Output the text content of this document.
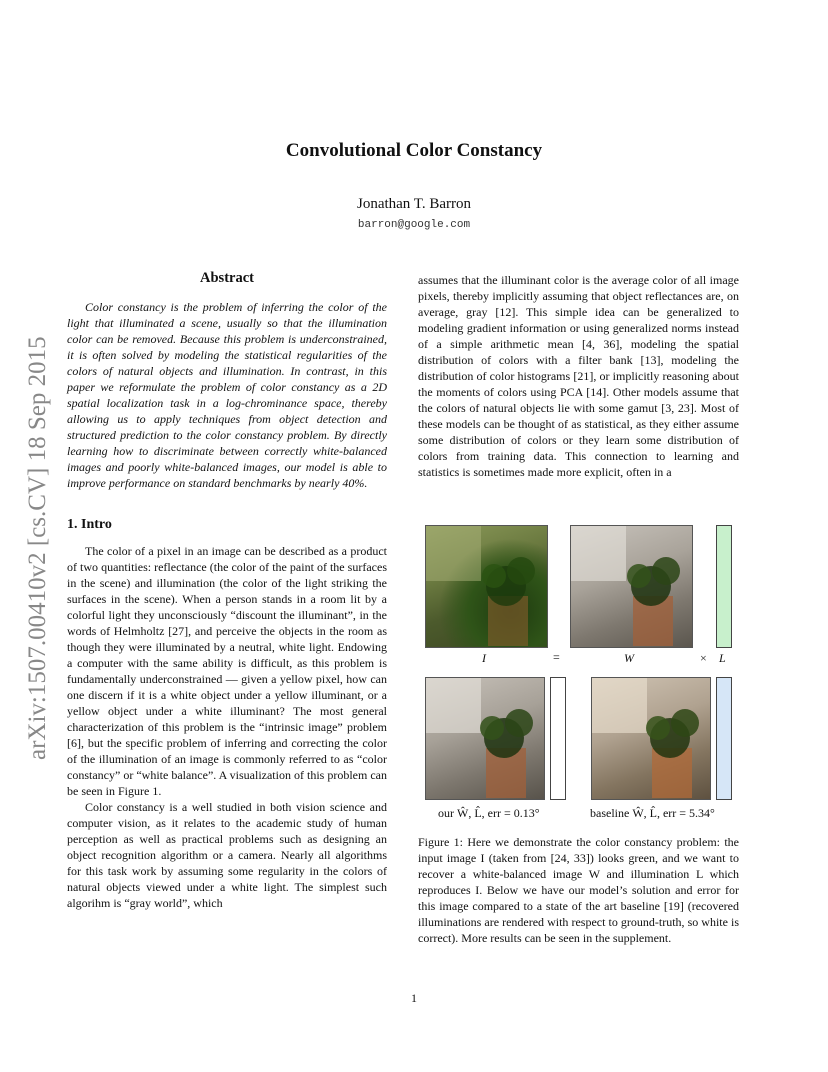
arXiv:1507.00410v2 [cs.CV] 18 Sep 2015
Convolutional Color Constancy
Jonathan T. Barron
barron@google.com
Abstract

Color constancy is the problem of inferring the color of the light that illuminated a scene, usually so that the illumination color can be removed. Because this problem is underconstrained, it is often solved by modeling the statistical regularities of the colors of natural objects and illumination. In contrast, in this paper we reformulate the problem of color constancy as a 2D spatial localization task in a log-chrominance space, thereby allowing us to apply techniques from object detection and structured prediction to the color constancy problem. By directly learning how to discriminate between correctly white-balanced images and poorly white-balanced images, our model is able to improve performance on standard benchmarks by nearly 40%.

1. Intro

The color of a pixel in an image can be described as a product of two quantities: reflectance (the color of the paint of the surfaces in the scene) and illumination (the color of the light striking the surfaces in the scene). When a person stands in a room lit by a colorful light they unconsciously “discount the illuminant”, in the words of Helmholtz [27], and perceive the objects in the room as though they were illuminated by a neutral, white light. Endowing a computer with the same ability is difficult, as this problem is fundamentally underconstrained — given a yellow pixel, how can one discern if it is a white object under a yellow illuminant, or a yellow object under a white illuminant? The most general characterization of this problem is the “intrinsic image” problem [6], but the specific problem of inferring and correcting the color of the illumination of an image is commonly referred to as “color constancy” or “white balance”. A visualization of this problem can be seen in Figure 1.

Color constancy is a well studied in both vision science and computer vision, as it relates to the academic study of human perception as well as practical problems such as designing an object recognition algorithm or a camera. Nearly all algorithms for this task work by assuming some regularity in the colors of natural objects viewed under a white light. The simplest such algorihm is “gray world”, which

assumes that the illuminant color is the average color of all image pixels, thereby implicitly assuming that object reflectances are, on average, gray [12]. This simple idea can be generalized to modeling gradient information or using generalized norms instead of a simple arithmetic mean [4, 36], modeling the spatial distribution of colors with a filter bank [13], modeling the distribution of color histograms [21], or implicitly reasoning about the moments of colors using PCA [14]. Other models assume that the colors of natural objects lie with some gamut [3, 23]. Most of these models can be thought of as statistical, as they either assume some distribution of colors or they learn some distribution of colors from training data. This connection to learning and statistics is sometimes made more explicit, often in a

I	=	W	× L
our Ŵ, L̂, err = 0.13°	baseline Ŵ, L̂, err = 5.34°

Figure 1: Here we demonstrate the color constancy problem: the input image I (taken from [24, 33]) looks green, and we want to recover a white-balanced image W and illumination L which reproduces I. Below we have our model’s solution and error for this image compared to a state of the art baseline [19] (recovered illuminations are rendered with respect to ground-truth, so white is correct). More results can be seen in the supplement.

1
